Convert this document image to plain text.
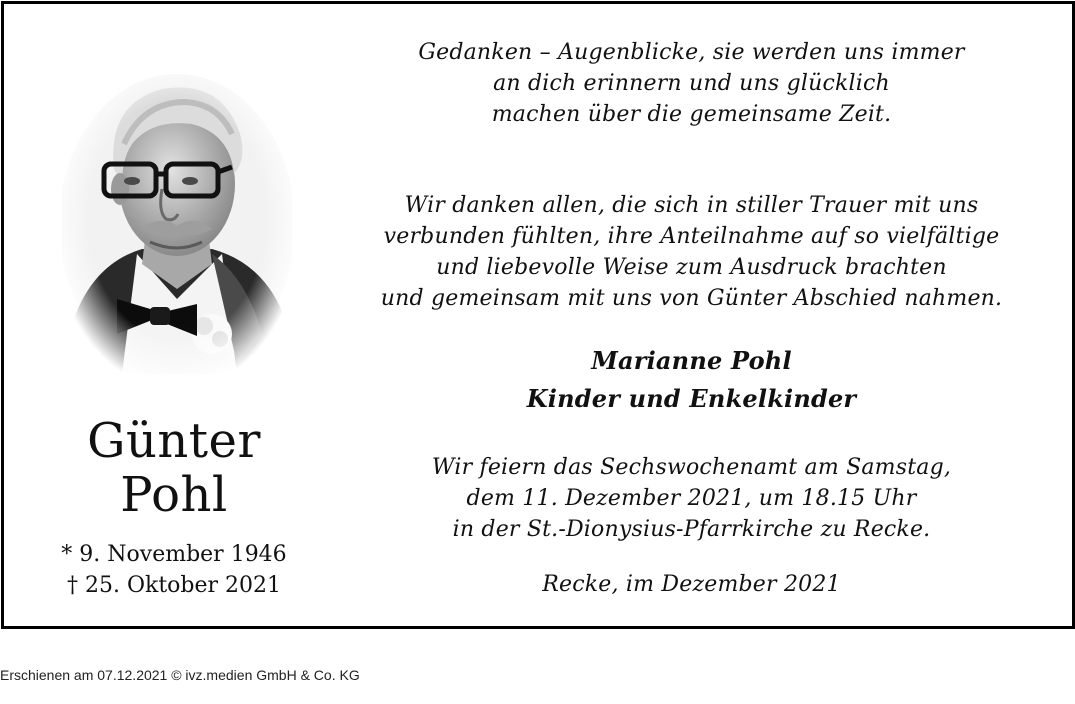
Günter
Pohl
* 9. November 1946
† 25. Oktober 2021
Gedanken – Augenblicke, sie werden uns immer
an dich erinnern und uns glücklich
machen über die gemeinsame Zeit.
Wir danken allen, die sich in stiller Trauer mit uns
verbunden fühlten, ihre Anteilnahme auf so vielfältige
und liebevolle Weise zum Ausdruck brachten
und gemeinsam mit uns von Günter Abschied nahmen.
Marianne Pohl
Kinder und Enkelkinder
Wir feiern das Sechswochenamt am Samstag,
dem 11. Dezember 2021, um 18.15 Uhr
in der St.-Dionysius-Pfarrkirche zu Recke.
Recke, im Dezember 2021
Erschienen am 07.12.2021 © ivz.medien GmbH & Co. KG
